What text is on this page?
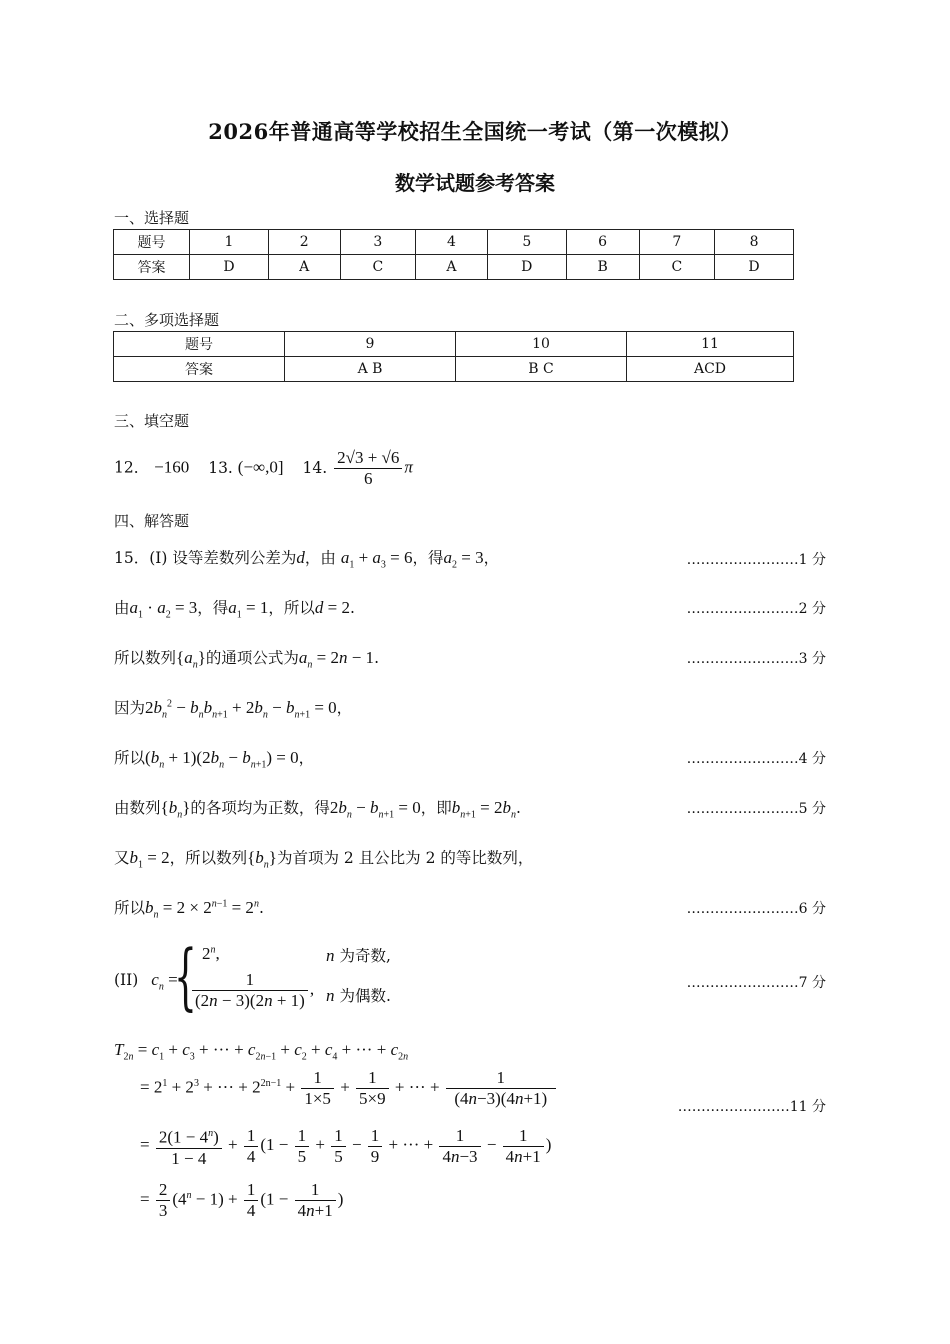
2026年普通高等学校招生全国统一考试（第一次模拟）
数学试题参考答案
一、选择题
题号	1	2	3	4	5	6	7	8
答案	D	A	C	A	D	B	C	D
二、多项选择题
题号	9	10	11
答案	A B	B C	ACD
三、填空题
12． −160 13. (−∞,0] 14. $\frac{2√3 + √6}{6}$ π
四、解答题
15．(I) 设等差数列公差为d，由 $a_1 + a_3 = 6$，得$a_2 = 3$，	……………………1 分
由$a_1 \cdot a_2 = 3$，得$a_1 = 1$，所以d = 2.	……………………2 分
所以数列$\{a_n\}$的通项公式为$a_n = 2n - 1$.	……………………3 分
因为$2b_n^2 - b_nb_{n+1} + 2b_n - b_{n+1} = 0$，
所以$(b_n + 1)(2b_n - b_{n+1}) = 0$，	……………………4 分
由数列$\{b_n\}$的各项均为正数，得$2b_n - b_{n+1} = 0$，即$b_{n+1} = 2b_n$.	……………………5 分
又$b_1 = 2$，所以数列$\{b_n\}$为首项为 2 且公比为 2 的等比数列，
所以$b_n = 2 \times 2^{n-1} = 2^n$.	……………………6 分
(II) $c_n$ =
{ 2$^n$,	n 为奇数,
$\frac{1}{(2n - 3)(2n + 1)}$ , n 为偶数.
……………………7 分
$T_{2n} = c_1 + c_3$ + ··· + $c_{2n-1} + c_2 + c_4$ + ··· + $c_{2n}$
= $2^1 + 2^3$ + ··· + $2^{2n-1} + \frac{1}{1\times 5} + \frac{1}{5\times 9}$ + ··· + $\frac{1}{(4n-3)(4n+1)}$	……………………11 分
= $\frac{2(1 - 4^n)}{1 - 4} + \frac{1}{4} (1 - \frac{1}{5} + \frac{1}{5} - \frac{1}{9}$ + ··· + $\frac{1}{4n-3} - \frac{1}{4n+1}$ )
= $\frac{2}{3} (4^n - 1) + \frac{1}{4} (1 - \frac{1}{4n+1}$ )
